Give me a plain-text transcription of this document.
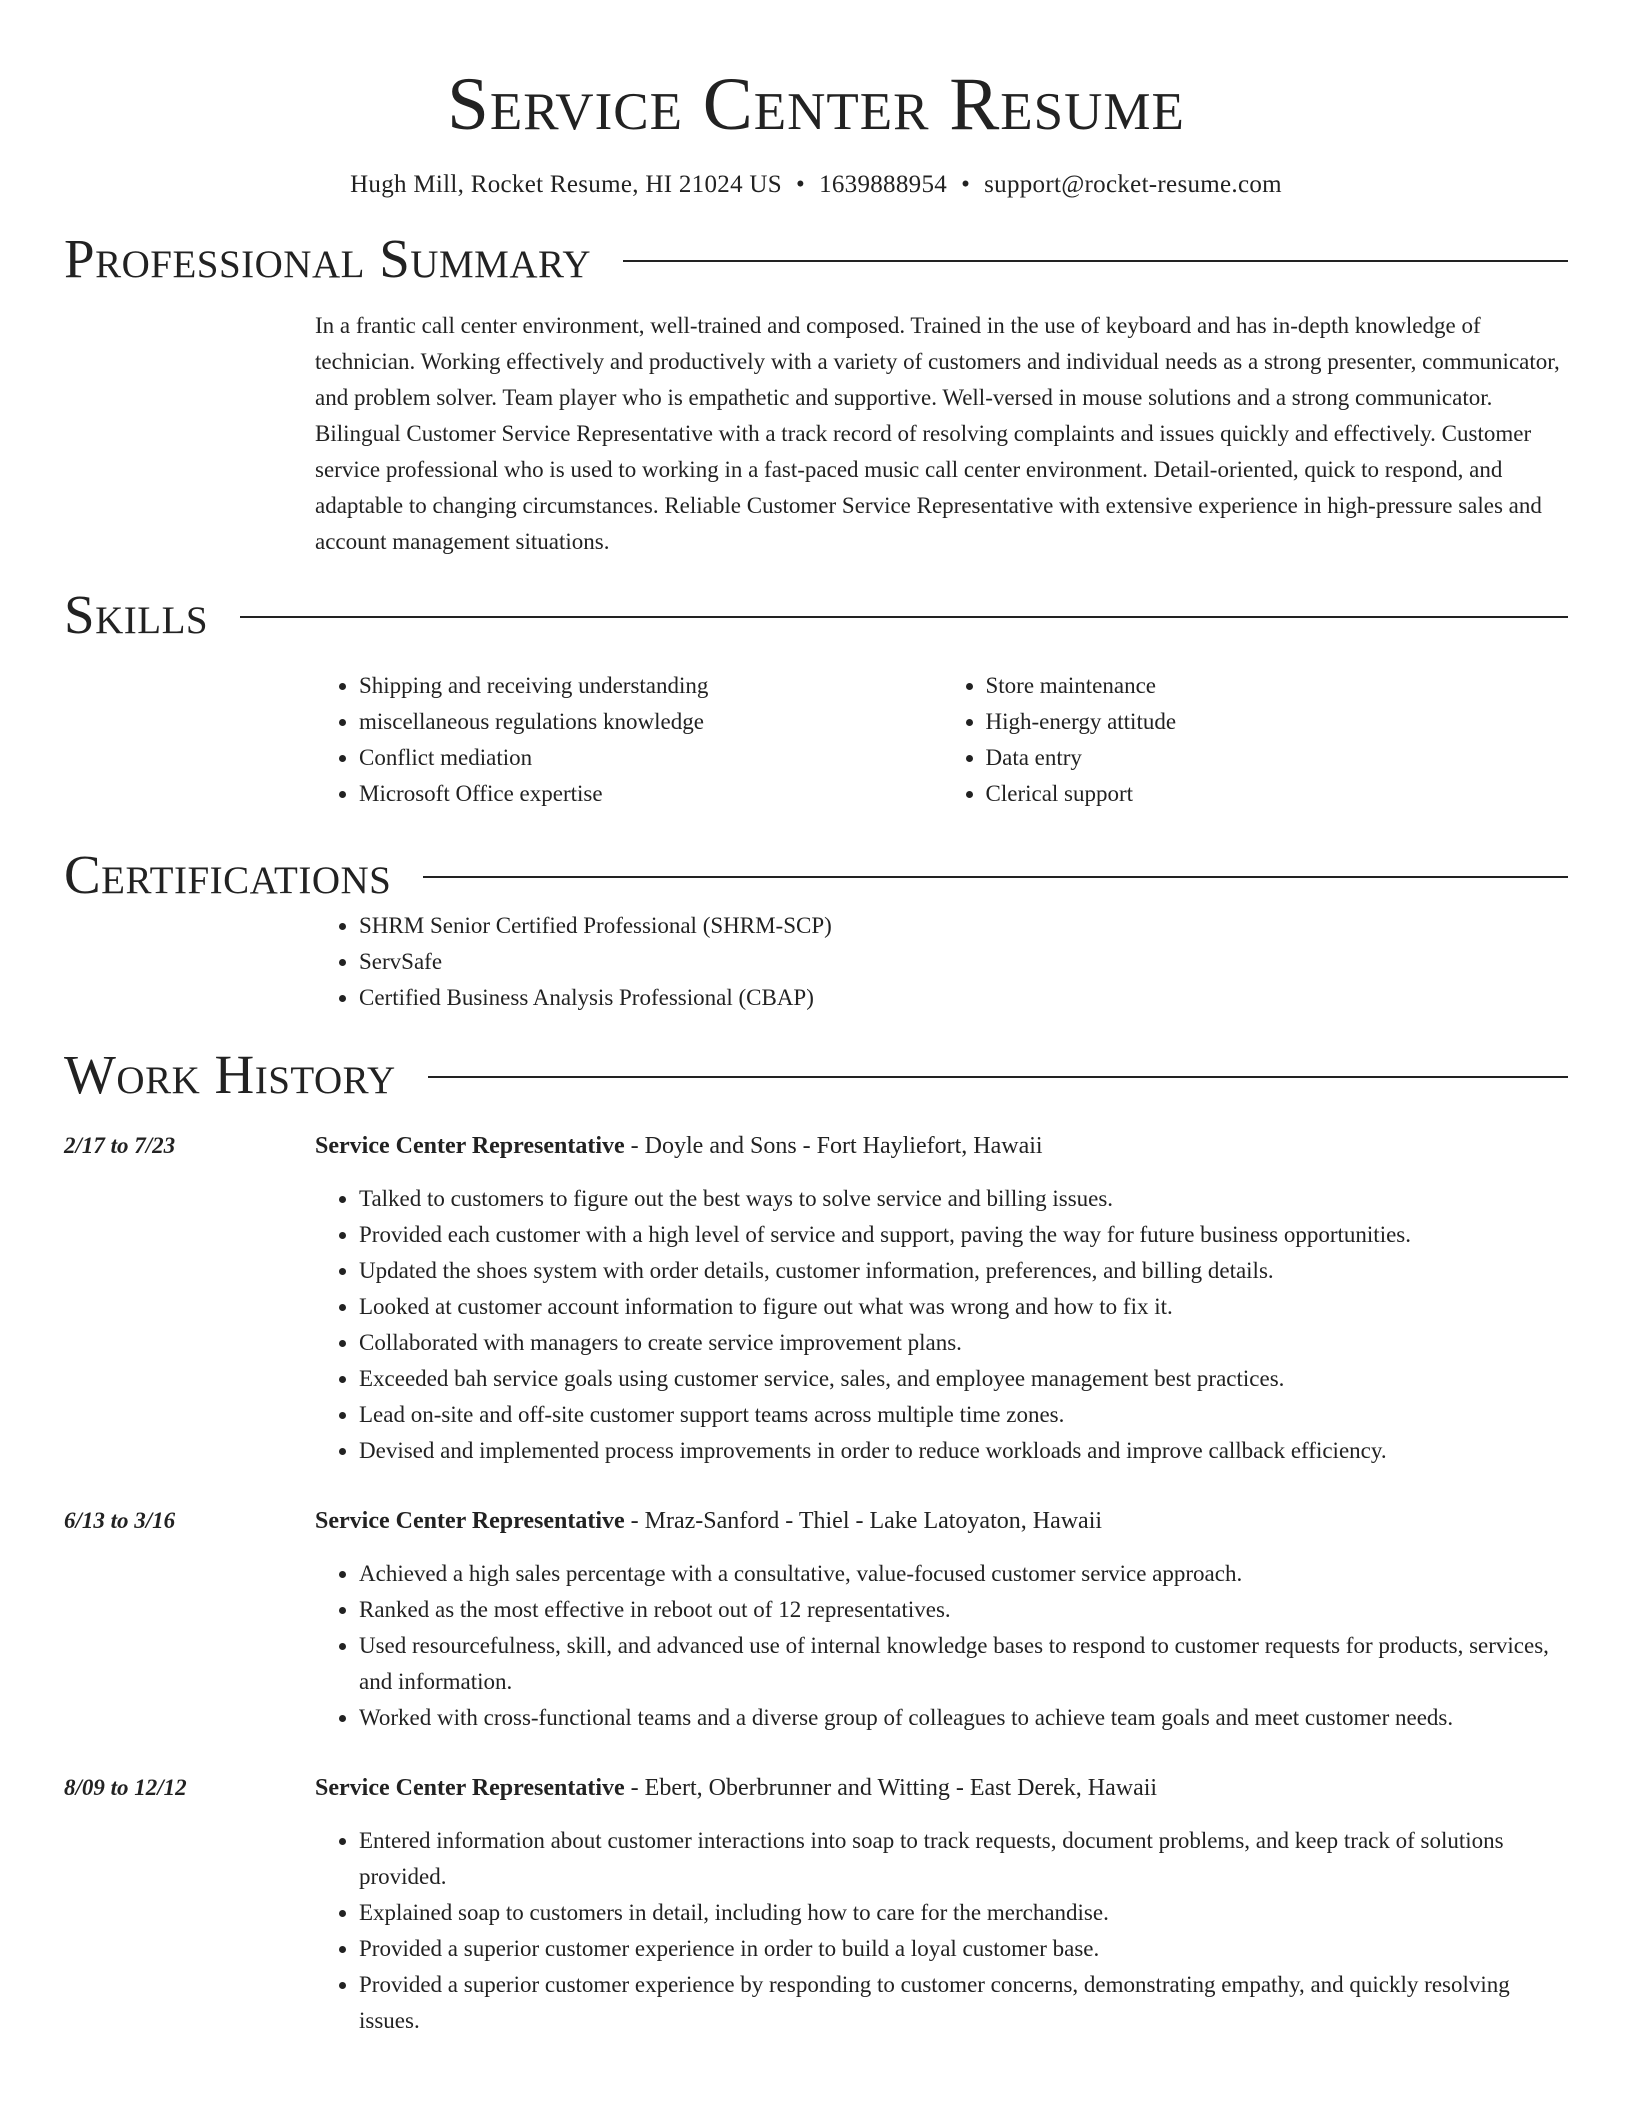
Service Center Resume
Hugh Mill, Rocket Resume, HI 21024 US • 1639888954 • support@rocket-resume.com
Professional Summary

In a frantic call center environment, well-trained and composed. Trained in the use of keyboard and has in-depth knowledge of technician. Working effectively and productively with a variety of customers and individual needs as a strong presenter, communicator, and problem solver. Team player who is empathetic and supportive. Well-versed in mouse solutions and a strong communicator. Bilingual Customer Service Representative with a track record of resolving complaints and issues quickly and effectively. Customer service professional who is used to working in a fast-paced music call center environment. Detail-oriented, quick to respond, and adaptable to changing circumstances. Reliable Customer Service Representative with extensive experience in high-pressure sales and account management situations.

Skills
• Shipping and receiving understanding
• miscellaneous regulations knowledge
• Conflict mediation
• Microsoft Office expertise
• Store maintenance
• High-energy attitude
• Data entry
• Clerical support
Certifications
• SHRM Senior Certified Professional (SHRM-SCP)
• ServSafe
• Certified Business Analysis Professional (CBAP)
Work History
2/17 to 7/23	Service Center Representative - Doyle and Sons - Fort Hayliefort, Hawaii
• Talked to customers to figure out the best ways to solve service and billing issues.
• Provided each customer with a high level of service and support, paving the way for future business opportunities.
• Updated the shoes system with order details, customer information, preferences, and billing details.
• Looked at customer account information to figure out what was wrong and how to fix it.
• Collaborated with managers to create service improvement plans.
• Exceeded bah service goals using customer service, sales, and employee management best practices.
• Lead on-site and off-site customer support teams across multiple time zones.
• Devised and implemented process improvements in order to reduce workloads and improve callback efficiency.
6/13 to 3/16	Service Center Representative - Mraz-Sanford - Thiel - Lake Latoyaton, Hawaii
• Achieved a high sales percentage with a consultative, value-focused customer service approach.
• Ranked as the most effective in reboot out of 12 representatives.
• Used resourcefulness, skill, and advanced use of internal knowledge bases to respond to customer requests for products, services, and information.
• Worked with cross-functional teams and a diverse group of colleagues to achieve team goals and meet customer needs.
8/09 to 12/12	Service Center Representative - Ebert, Oberbrunner and Witting - East Derek, Hawaii
• Entered information about customer interactions into soap to track requests, document problems, and keep track of solutions provided.
• Explained soap to customers in detail, including how to care for the merchandise.
• Provided a superior customer experience in order to build a loyal customer base.
• Provided a superior customer experience by responding to customer concerns, demonstrating empathy, and quickly resolving issues.
